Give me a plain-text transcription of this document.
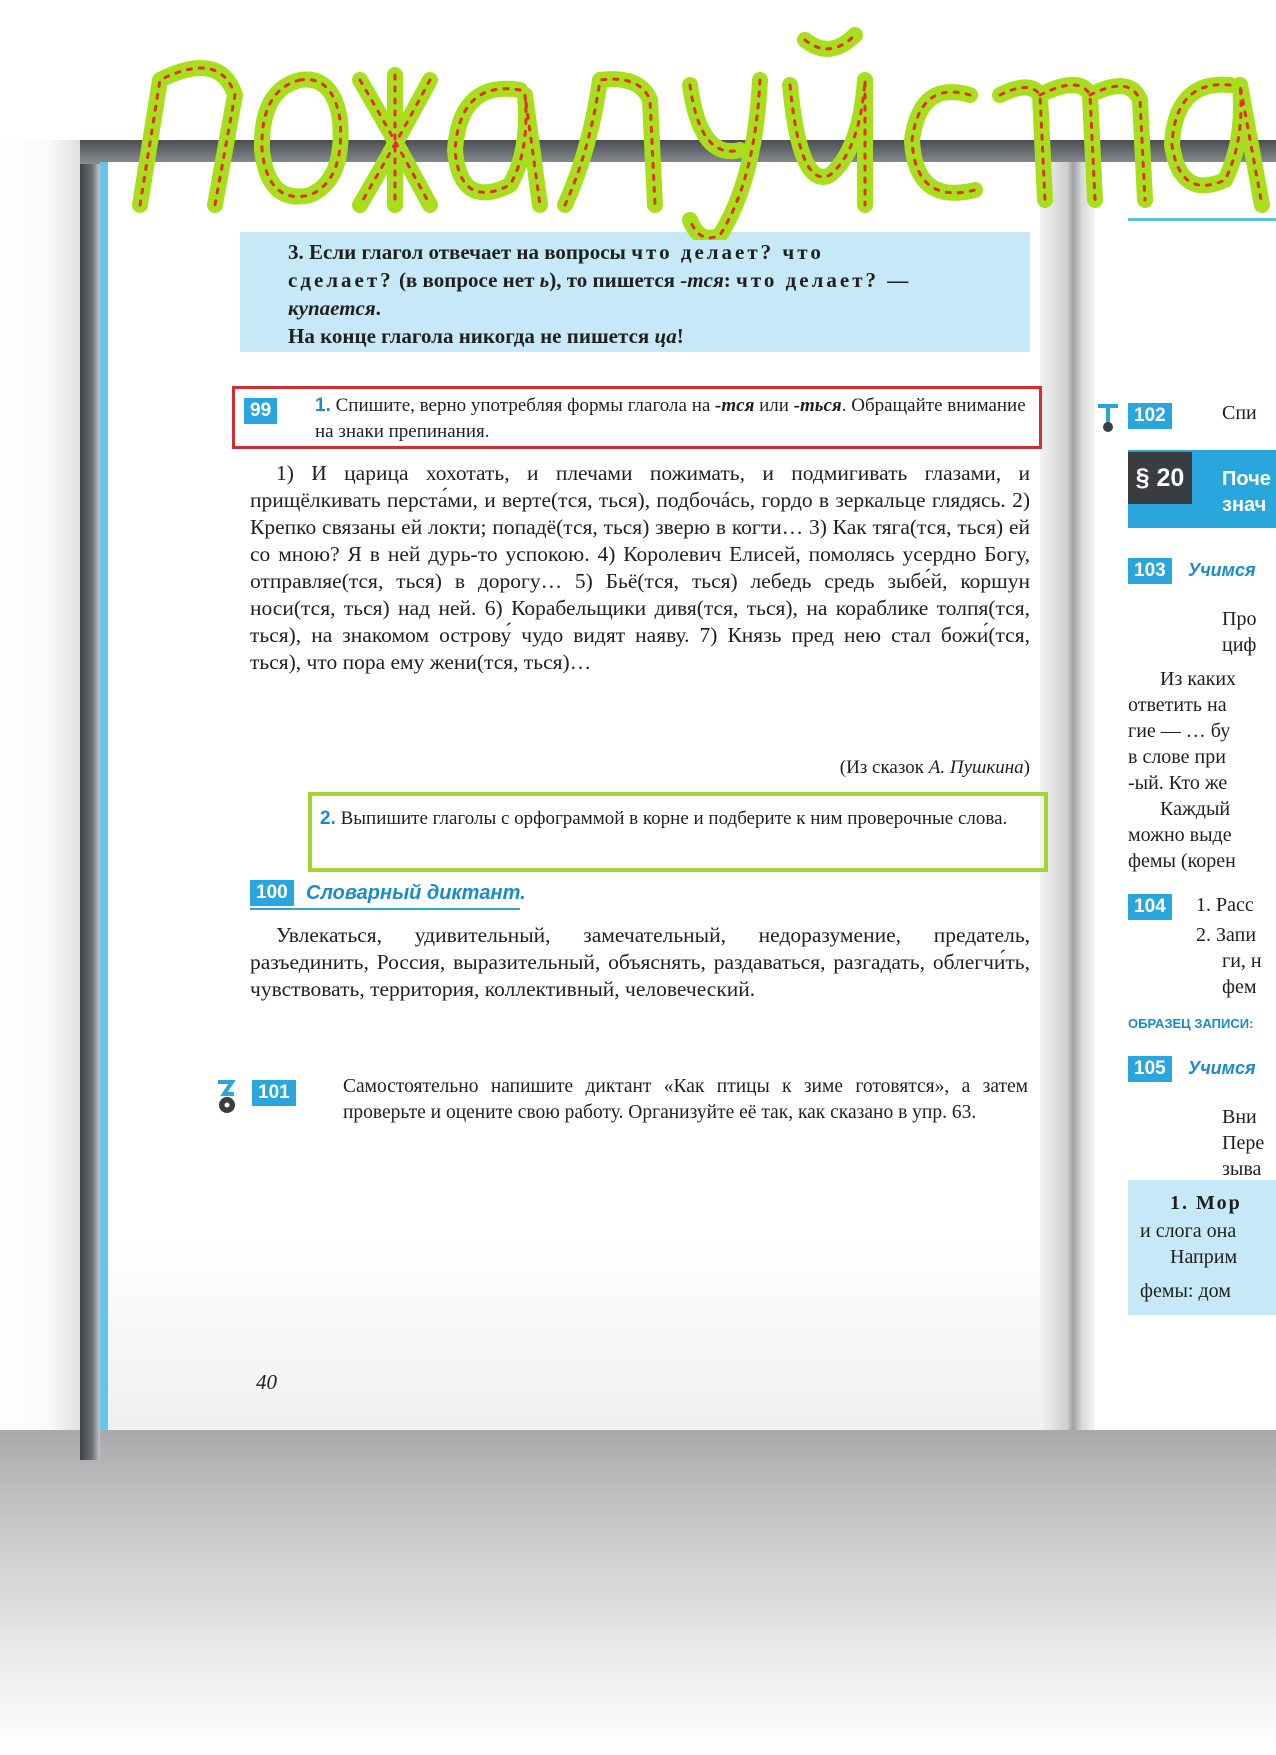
3. Если глагол отвечает на вопросы что делает? что
сделает? (в вопросе нет ь), то пишется -тся: что делает? — купается.
На конце глагола никогда не пишется ца!
99	1. Спишите, верно употребляя формы глагола на -тся или -ться. Обращайте внимание на знаки препинания.
1) И царица хохотать, и плечами пожимать, и подмигивать глазами, и прищёлкивать перста́ми, и верте(тся, ться), подбочá‌сь, гордо в зеркальце глядясь. 2) Крепко связаны ей локти; попадё(тся, ться) зверю в когти… 3) Как тяга(тся, ться) ей со мною? Я в ней дурь-то успокою. 4) Королевич Елисей, помолясь усердно Богу, отправляе(тся, ться) в дорогу… 5) Бьё(тся, ться) лебедь средь зыбе́й, коршун носи(тся, ться) над ней. 6) Корабельщики дивя(тся, ться), на кораблике толпя(тся, ться), на знакомом острову́ чудо видят наяву. 7) Князь пред нею стал божи́(тся, ться), что пора ему жени(тся, ться)…
(Из сказок А. Пушкина)
2. Выпишите глаголы с орфограммой в корне и подберите к ним проверочные слова.
100 Словарный диктант.
Увлекаться, удивительный, замечательный, недоразумение, предатель, разъединить, Россия, выразительный, объяснять, раздаваться, разгадать, облегчи́ть, чувствовать, территория, коллективный, человеческий.
101	Самостоятельно напишите диктант «Как птицы к зиме готовятся», а затем проверьте и оцените свою работу. Организуйте её так, как сказано в упр. 63.
40
102	Спи
§ 20	Поче
знач
103	Учимся
Про
циф
Из каких
ответить на
гие — … бу
в слове при
-ый. Кто же
Каждый
можно выде
фемы (корен
104	1. Расс
2. Запи
ги, н
фем
ОБРАЗЕЦ ЗАПИСИ:
105	Учимся
Вни
Пере
зыва
1. Мор
и слога она
Наприм
фемы: дом
